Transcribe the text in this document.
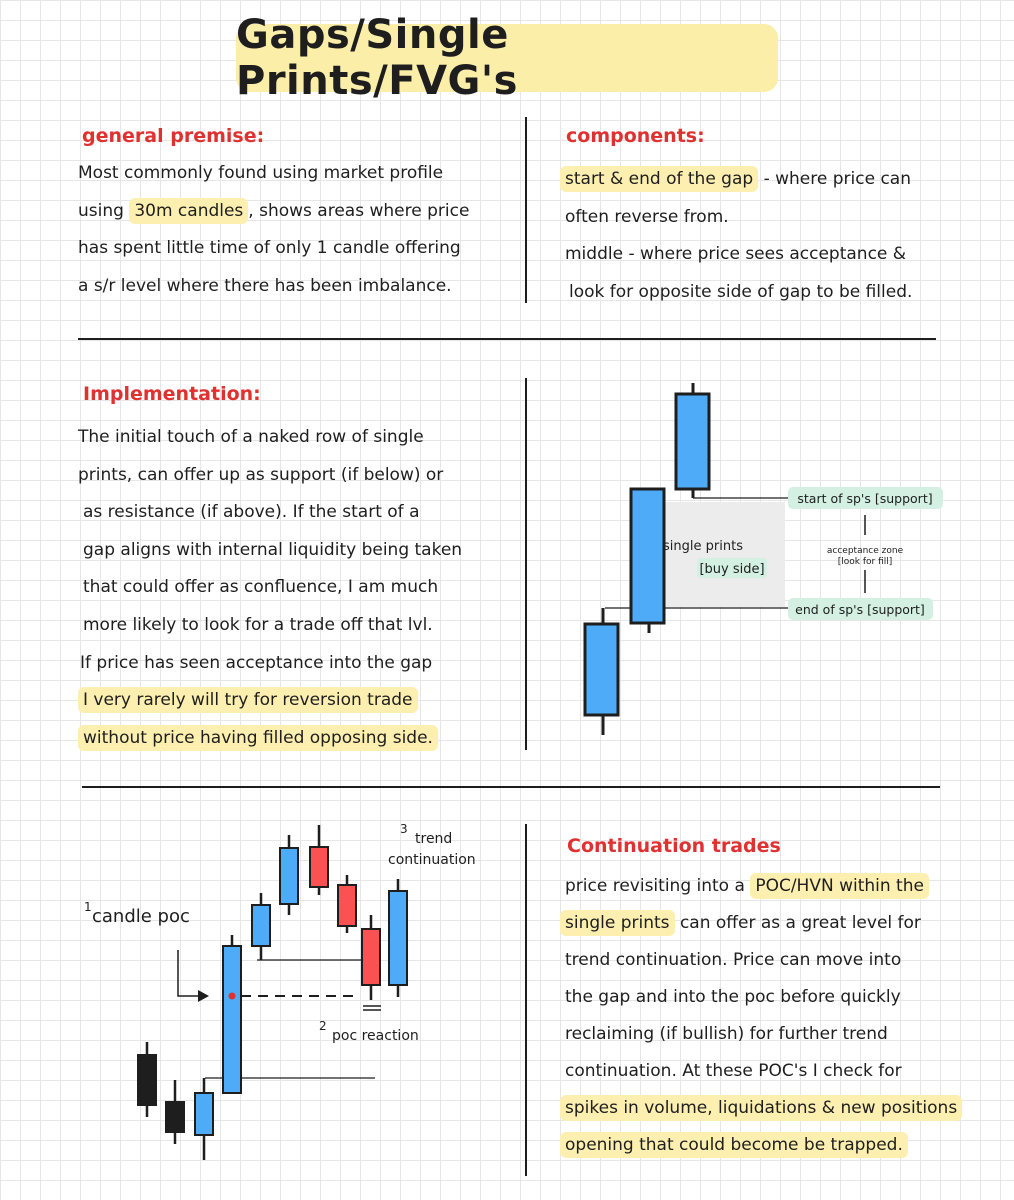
Gaps/Single Prints/FVG's
general premise:

Most commonly found using market profile

using 30m candles , shows areas where price

has spent little time of only 1 candle offering

a s/r level where there has been imbalance.

components:

start & end of the gap - where price can

often reverse from.

middle - where price sees acceptance &

look for opposite side of gap to be filled.

Implementation:

The initial touch of a naked row of single

prints, can offer up as support (if below) or

as resistance (if above). If the start of a

gap aligns with internal liquidity being taken

that could offer as confluence, I am much

more likely to look for a trade off that lvl.

If price has seen acceptance into the gap

I very rarely will try for reversion trade

without price having filled opposing side.

single prints
[buy side]
start of sp's [support]
end of sp's [support]
acceptance zone
[look for fill]
1 candle poc
3
trend
continuation
2
poc reaction
Continuation trades

price revisiting into a POC/HVN within the

single prints can offer as a great level for

trend continuation. Price can move into

the gap and into the poc before quickly

reclaiming (if bullish) for further trend

continuation. At these POC's I check for

spikes in volume, liquidations & new positions

opening that could become be trapped.
